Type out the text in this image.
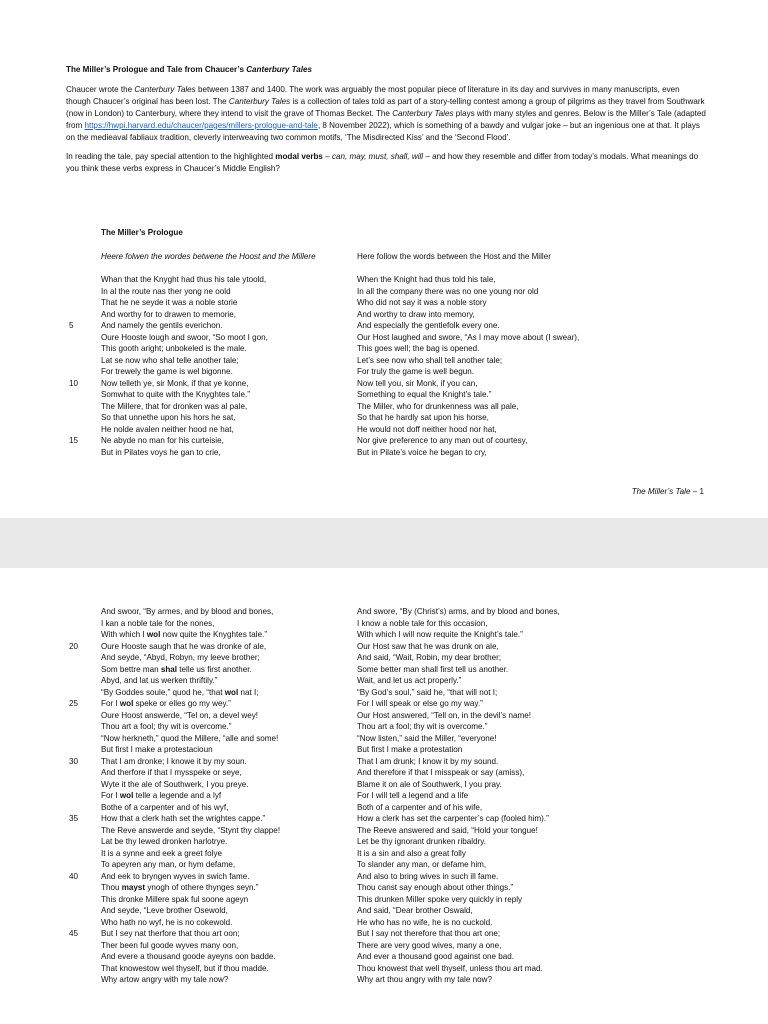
The Miller’s Prologue and Tale from Chaucer’s Canterbury Tales

Chaucer wrote the Canterbury Tales between 1387 and 1400. The work was arguably the most popular piece of literature in its day and survives in many manuscripts, even though Chaucer’s original has been lost. The Canterbury Tales is a collection of tales told as part of a story-telling contest among a group of pilgrims as they travel from Southwark (now in London) to Canterbury, where they intend to visit the grave of Thomas Becket. The Canterbury Tales plays with many styles and genres. Below is the Miller’s Tale (adapted from https://hwpi.harvard.edu/chaucer/pages/millers-prologue-and-tale, 8 November 2022), which is something of a bawdy and vulgar joke – but an ingenious one at that. It plays on the medieaval fabliaux tradition, cleverly interweaving two common motifs, ‘The Misdirected Kiss’ and the ‘Second Flood’.

In reading the tale, pay special attention to the highlighted modal verbs – can, may, must, shall, will – and how they resemble and differ from today’s modals. What meanings do you think these verbs express in Chaucer’s Middle English?

The Miller’s Prologue
Heere folwen the wordes betwene the Hoost and the Millere	Here follow the words between the Host and the Miller
Whan that the Knyght had thus his tale ytoold,	When the Knight had thus told his tale,
In al the route nas ther yong ne oold	In all the company there was no one young nor old
That he ne seyde it was a noble storie	Who did not say it was a noble story
And worthy for to drawen to memorie,	And worthy to draw into memory,
5	And namely the gentils everichon.	And especially the gentlefolk every one.
Oure Hooste lough and swoor, “So moot I gon,	Our Host laughed and swore, “As I may move about (I swear),
This gooth aright; unbokeled is the male.	This goes well; the bag is opened.
Lat se now who shal telle another tale;	Let’s see now who shall tell another tale;
For trewely the game is wel bigonne.	For truly the game is well begun.
10	Now telleth ye, sir Monk, if that ye konne,	Now tell you, sir Monk, if you can,
Somwhat to quite with the Knyghtes tale.”	Something to equal the Knight’s tale.”
The Millere, that for dronken was al pale,	The Miller, who for drunkenness was all pale,
So that unnethe upon his hors he sat,	So that he hardly sat upon his horse,
He nolde avalen neither hood ne hat,	He would not doff neither hood nor hat,
15	Ne abyde no man for his curteisie,	Nor give preference to any man out of courtesy,
But in Pilates voys he gan to crie,	But in Pilate’s voice he began to cry,
The Miller’s Tale – 1
And swoor, “By armes, and by blood and bones,	And swore, “By (Christ’s) arms, and by blood and bones,
I kan a noble tale for the nones,	I know a noble tale for this occasion,
With which I wol now quite the Knyghtes tale.”	With which I will now requite the Knight’s tale.”
20	Oure Hooste saugh that he was dronke of ale,	Our Host saw that he was drunk on ale,
And seyde, “Abyd, Robyn, my leeve brother;	And said, “Wait, Robin, my dear brother;
Som bettre man shal telle us first another.	Some better man shall first tell us another.
Abyd, and lat us werken thriftily.”	Wait, and let us act properly.”
“By Goddes soule,” quod he, “that wol nat I;	“By God’s soul,” said he, “that will not I;
25	For I wol speke or elles go my wey.”	For I will speak or else go my way.”
Oure Hoost answerde, “Tel on, a devel wey!	Our Host answered, “Tell on, in the devil’s name!
Thou art a fool; thy wit is overcome.”	Thou art a fool; thy wit is overcome.”
“Now herkneth,” quod the Millere, “alle and some!	“Now listen,” said the Miller, “everyone!
But first I make a protestacioun	But first I make a protestation
30	That I am dronke; I knowe it by my soun.	That I am drunk; I know it by my sound.
And therfore if that I mysspeke or seye,	And therefore if that I misspeak or say (amiss),
Wyte it the ale of Southwerk, I you preye.	Blame it on ale of Southwerk, I you pray.
For I wol telle a legende and a lyf	For I will tell a legend and a life
Bothe of a carpenter and of his wyf,	Both of a carpenter and of his wife,
35	How that a clerk hath set the wrightes cappe.”	How a clerk has set the carpenter’s cap (fooled him).”
The Reve answerde and seyde, “Stynt thy clappe!	The Reeve answered and said, “Hold your tongue!
Lat be thy lewed dronken harlotrye.	Let be thy ignorant drunken ribaldry.
It is a synne and eek a greet folye	It is a sin and also a great folly
To apeyren any man, or hym defame,	To slander any man, or defame him,
40	And eek to bryngen wyves in swich fame.	And also to bring wives in such ill fame.
Thou mayst ynogh of othere thynges seyn.”	Thou canst say enough about other things.”
This dronke Millere spak ful soone ageyn	This drunken Miller spoke very quickly in reply
And seyde, “Leve brother Osewold,	And said, “Dear brother Oswald,
Who hath no wyf, he is no cokewold.	He who has no wife, he is no cuckold.
45	But I sey nat therfore that thou art oon;	But I say not therefore that thou art one;
Ther been ful goode wyves many oon,	There are very good wives, many a one,
And evere a thousand goode ayeyns oon badde.	And ever a thousand good against one bad.
That knowestow wel thyself, but if thou madde.	Thou knowest that well thyself, unless thou art mad.
Why artow angry with my tale now?	Why art thou angry with my tale now?
